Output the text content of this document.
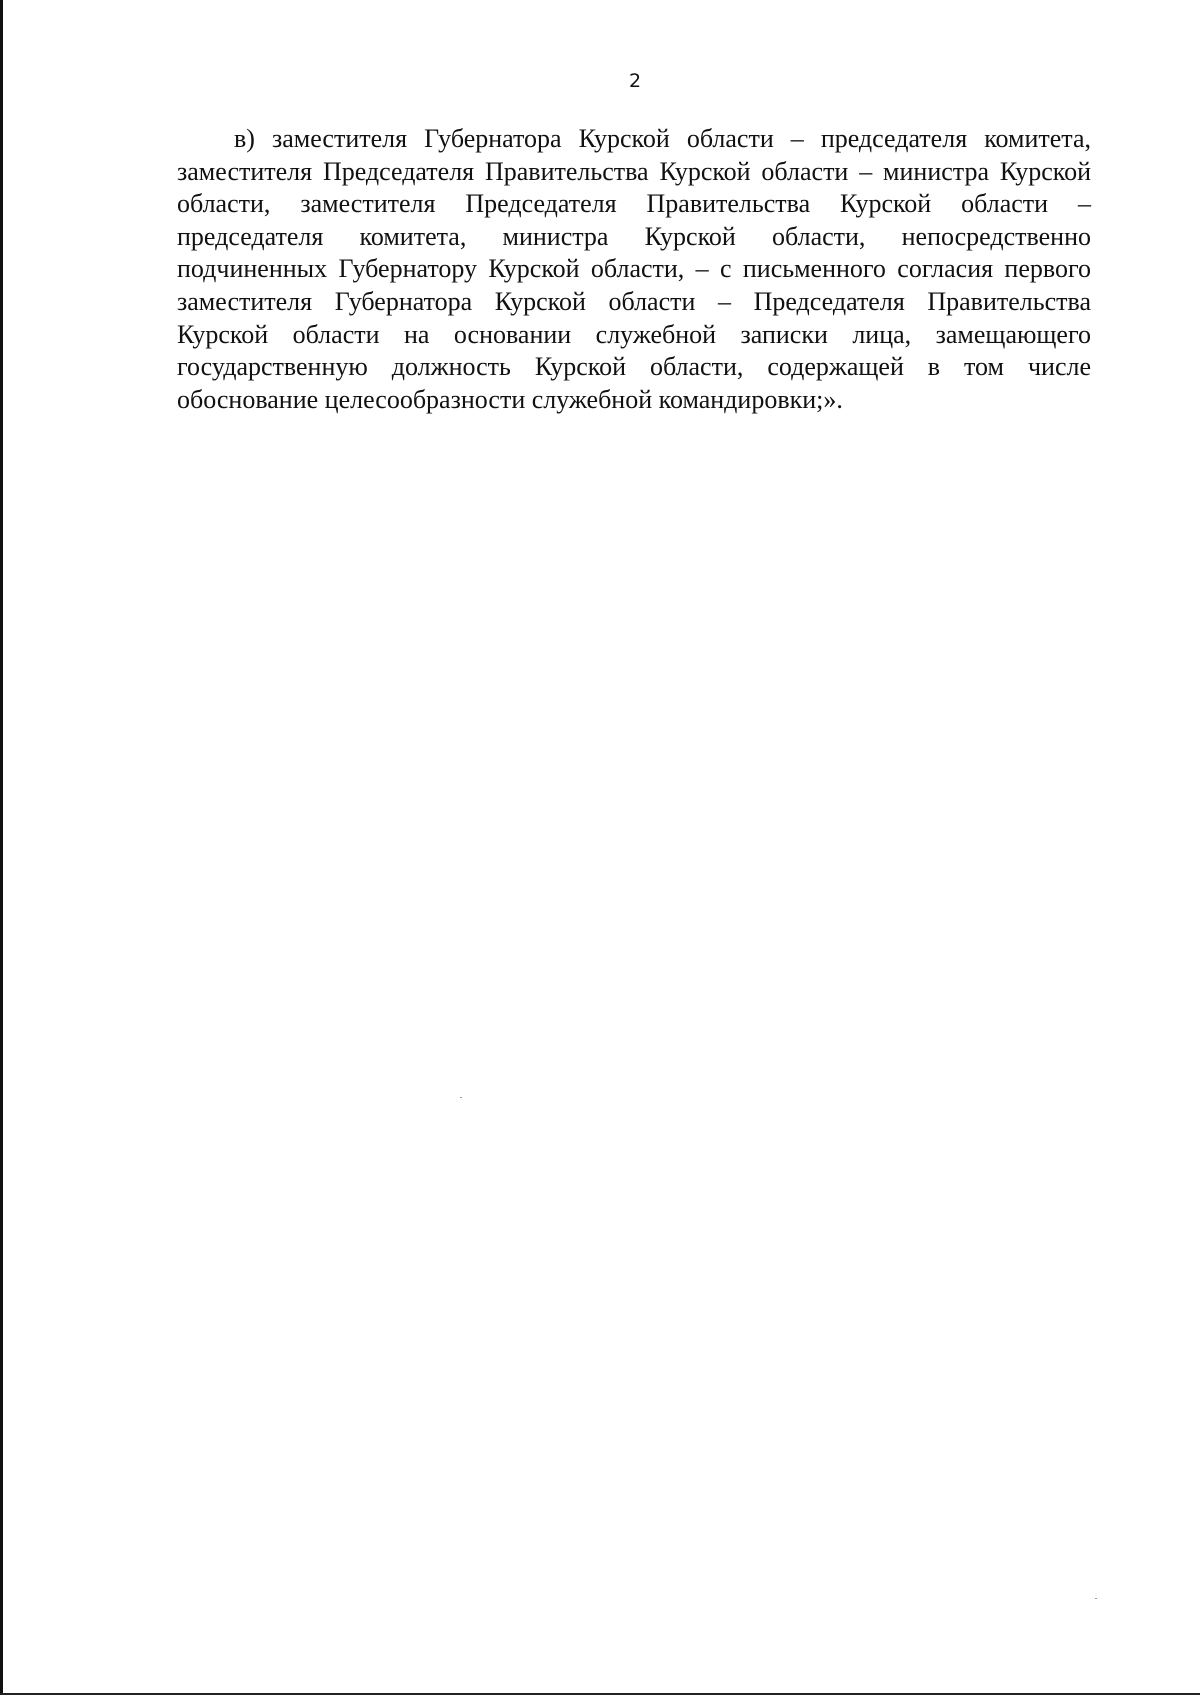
2

в) заместителя Губернатора Курской области – председателя комитета, заместителя Председателя Правительства Курской области – министра Курской области, заместителя Председателя Правительства Курской области – председателя комитета, министра Курской области, непосредственно подчиненных Губернатору Курской области, – с письменного согласия первого заместителя Губернатора Курской области – Председателя Правительства Курской области на основании служебной записки лица, замещающего государственную должность Курской области, содержащей в том числе обоснование целесообразности служебной командировки;».
